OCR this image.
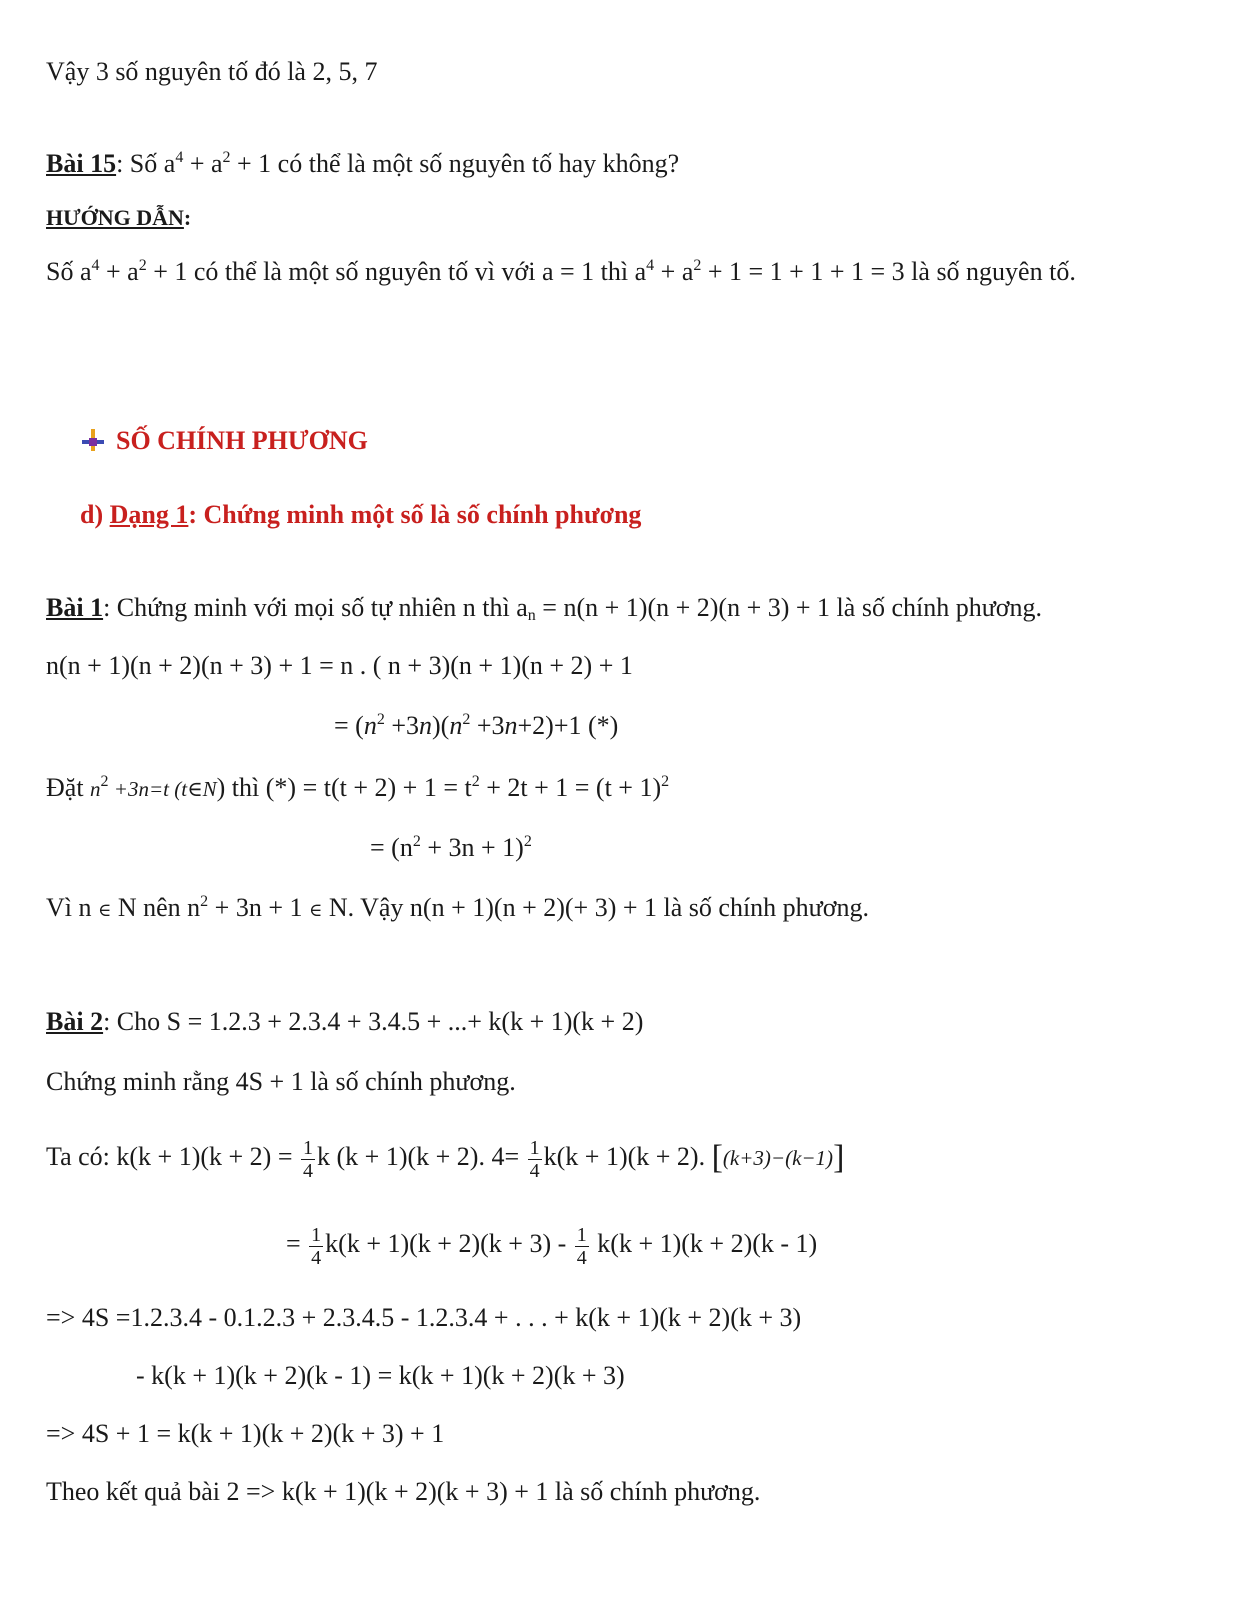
Vậy 3 số nguyên tố đó là 2, 5, 7
Bài 15: Số $a^4 + a^2 + 1$ có thể là một số nguyên tố hay không?
HƯỚNG DẪN:
Số $a^4 + a^2 + 1$ có thể là một số nguyên tố vì với a = 1 thì $a^4 + a^2 + 1 = 1 + 1 + 1 = 3$ là số nguyên tố.
SỐ CHÍNH PHƯƠNG
d) Dạng 1: Chứng minh một số là số chính phương
Bài 1: Chứng minh với mọi số tự nhiên n thì $a_n = n(n + 1)(n + 2)(n + 3) + 1$ là số chính phương.
n(n + 1)(n + 2)(n + 3) + 1 = n . ( n + 3)(n + 1)(n + 2) + 1
= $(n^2 +3n)(n^2 +3n+2)+1$ (*)
Đặt $n^2 +3n=t$ (t∈N) thì (*) = $t(t + 2) + 1 = t^2 + 2t + 1 = (t + 1)^2$
= $(n^2 + 3n + 1)^2$
Vì n ∈ N nên $n^2 + 3n + 1$ ∈ N. Vậy n(n + 1)(n + 2)(+ 3) + 1 là số chính phương.
Bài 2: Cho S = 1.2.3 + 2.3.4 + 3.4.5 + ...+ k(k + 1)(k + 2)
Chứng minh rằng 4S + 1 là số chính phương.
Ta có: $k(k + 1)(k + 2) = \frac{1}{4}$ k (k + 1)(k + 2). $4= \frac{1}{4} k(k + 1)(k + 2)$. [(k+3)−(k−1)]
= $\frac{1}{4} k(k + 1)(k + 2)(k + 3) - \frac{1}{4} k(k + 1)(k + 2)(k - 1)$
=> 4S =1.2.3.4 - 0.1.2.3 + 2.3.4.5 - 1.2.3.4 + . . . + k(k + 1)(k + 2)(k + 3)
- k(k + 1)(k + 2)(k - 1) = k(k + 1)(k + 2)(k + 3)
=> 4S + 1 = k(k + 1)(k + 2)(k + 3) + 1
Theo kết quả bài 2 => k(k + 1)(k + 2)(k + 3) + 1 là số chính phương.
